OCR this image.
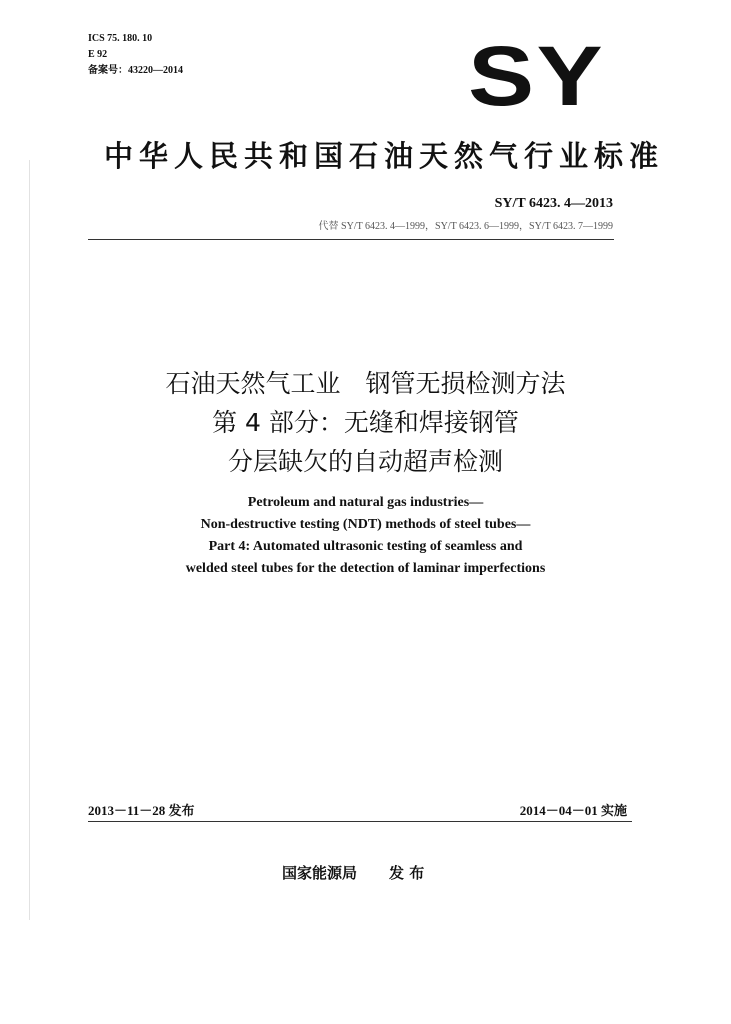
ICS 75. 180. 10
E 92
备案号：43220—2014	SY
中华人民共和国石油天然气行业标准
SY/T 6423. 4—2013
代替 SY/T 6423. 4—1999，SY/T 6423. 6—1999，SY/T 6423. 7—1999
石油天然气工业　钢管无损检测方法
第 4 部分：无缝和焊接钢管
分层缺欠的自动超声检测
Petroleum and natural gas industries—
Non-destructive testing (NDT) methods of steel tubes—
Part 4: Automated ultrasonic testing of seamless and
welded steel tubes for the detection of laminar imperfections
2013－11－28 发布	2014－04－01 实施
国家能源局 发 布
